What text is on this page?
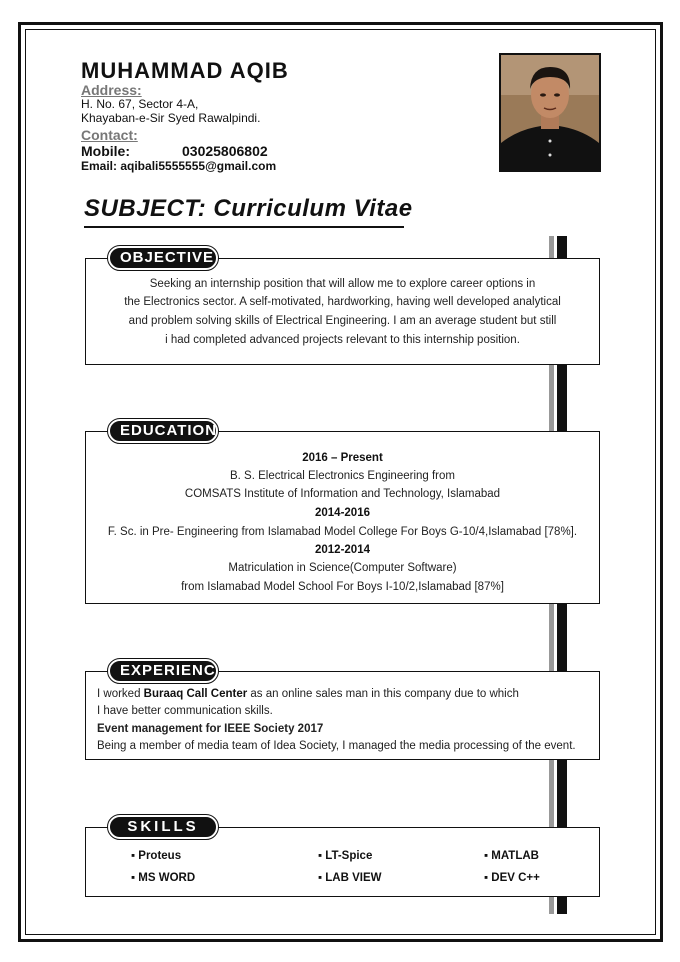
MUHAMMAD AQIB
Address:
H. No. 67, Sector 4-A,
Khayaban-e-Sir Syed Rawalpindi.
Contact:
Mobile:	03025806802
Email: aqibali5555555@gmail.com
SUBJECT: Curriculum Vitae
Seeking an internship position that will allow me to explore career options in
the Electronics sector. A self-motivated, hardworking, having well developed analytical
and problem solving skills of Electrical Engineering. I am an average student but still
i had completed advanced projects relevant to this internship position.
OBJECTIVE
2016 – Present
B. S. Electrical Electronics Engineering from
COMSATS Institute of Information and Technology, Islamabad
2014-2016
F. Sc. in Pre- Engineering from Islamabad Model College For Boys G-10/4,Islamabad [78%].
2012-2014
Matriculation in Science(Computer Software)
from Islamabad Model School For Boys I-10/2,Islamabad [87%]
EDUCATION
I worked Buraaq Call Center as an online sales man in this company due to which
I have better communication skills.
Event management for IEEE Society 2017
Being a member of media team of Idea Society, I managed the media processing of the event.
EXPERIENCE
▪ Proteus	▪ LT-Spice	▪ MATLAB
▪ MS WORD	▪ LAB VIEW	▪ DEV C++
SKILLS
